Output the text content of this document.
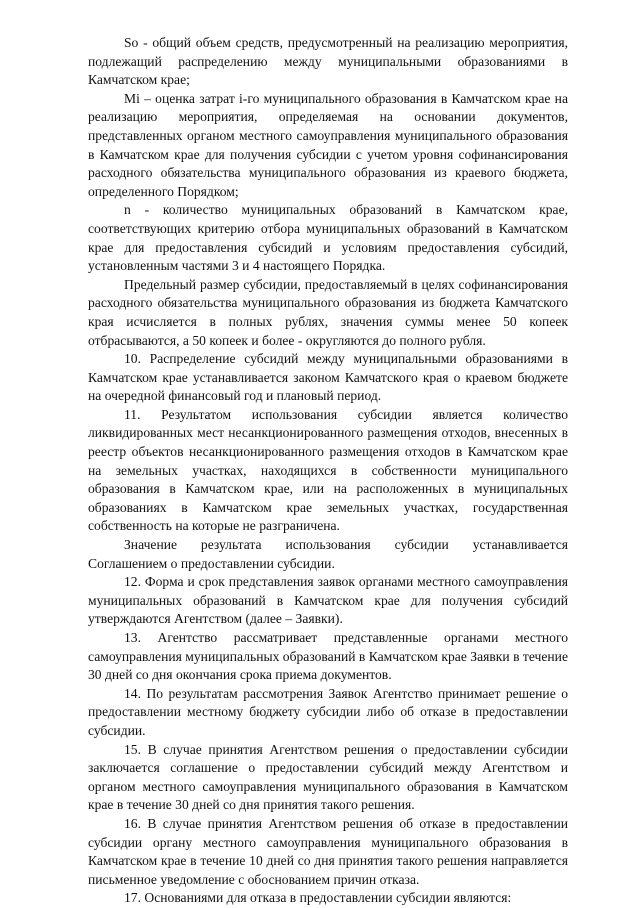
So - общий объем средств, предусмотренный на реализацию мероприятия, подлежащий распределению между муниципальными образованиями в Камчатском крае;

Mi – оценка затрат i-го муниципального образования в Камчатском крае на реализацию мероприятия, определяемая на основании документов, представленных органом местного самоуправления муниципального образования в Камчатском крае для получения субсидии с учетом уровня софинансирования расходного обязательства муниципального образования из краевого бюджета, определенного Порядком;

n - количество муниципальных образований в Камчатском крае, соответствующих критерию отбора муниципальных образований в Камчатском крае для предоставления субсидий и условиям предоставления субсидий, установленным частями 3 и 4 настоящего Порядка.

Предельный размер субсидии, предоставляемый в целях софинансирования расходного обязательства муниципального образования из бюджета Камчатского края исчисляется в полных рублях, значения суммы менее 50 копеек отбрасываются, а 50 копеек и более - округляются до полного рубля.

10. Распределение субсидий между муниципальными образованиями в Камчатском крае устанавливается законом Камчатского края о краевом бюджете на очередной финансовый год и плановый период.

11. Результатом использования субсидии является количество ликвидированных мест несанкционированного размещения отходов, внесенных в реестр объектов несанкционированного размещения отходов в Камчатском крае на земельных участках, находящихся в собственности муниципального образования в Камчатском крае, или на расположенных в муниципальных образованиях в Камчатском крае земельных участках, государственная собственность на которые не разграничена.

Значение результата использования субсидии устанавливается Соглашением о предоставлении субсидии.

12. Форма и срок представления заявок органами местного самоуправления муниципальных образований в Камчатском крае для получения субсидий утверждаются Агентством (далее – Заявки).

13. Агентство рассматривает представленные органами местного самоуправления муниципальных образований в Камчатском крае Заявки в течение 30 дней со дня окончания срока приема документов.

14. По результатам рассмотрения Заявок Агентство принимает решение о предоставлении местному бюджету субсидии либо об отказе в предоставлении субсидии.

15. В случае принятия Агентством решения о предоставлении субсидии заключается соглашение о предоставлении субсидий между Агентством и органом местного самоуправления муниципального образования в Камчатском крае в течение 30 дней со дня принятия такого решения.

16. В случае принятия Агентством решения об отказе в предоставлении субсидии органу местного самоуправления муниципального образования в Камчатском крае в течение 10 дней со дня принятия такого решения направляется письменное уведомление с обоснованием причин отказа.

17. Основаниями для отказа в предоставлении субсидии являются:
